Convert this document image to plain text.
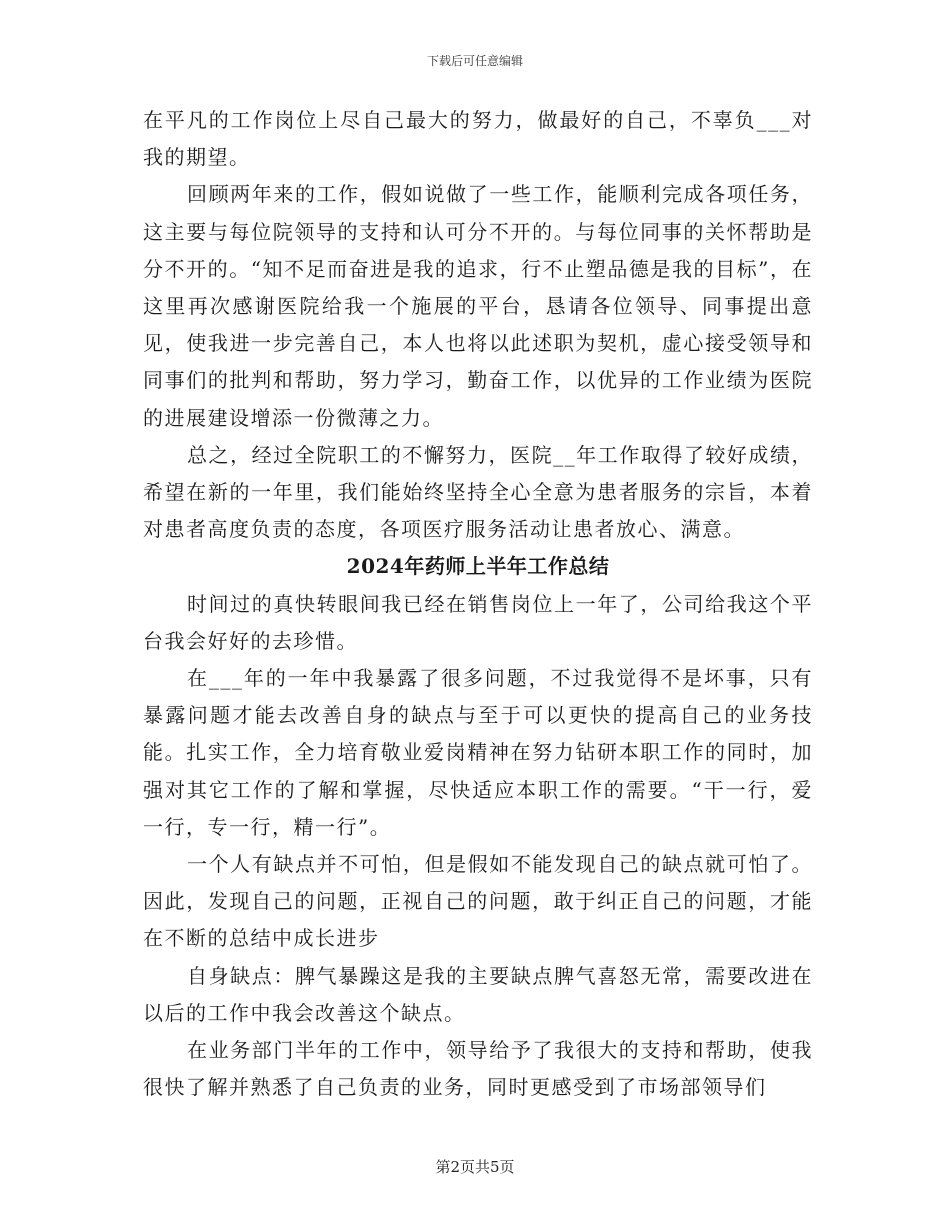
下载后可任意编辑

在平凡的工作岗位上尽自己最大的努力，做最好的自己，不辜负___对我的期望。

回顾两年来的工作，假如说做了一些工作，能顺利完成各项任务，这主要与每位院领导的支持和认可分不开的。与每位同事的关怀帮助是分不开的。“知不足而奋进是我的追求，行不止塑品德是我的目标”，在这里再次感谢医院给我一个施展的平台，恳请各位领导、同事提出意见，使我进一步完善自己，本人也将以此述职为契机，虚心接受领导和同事们的批判和帮助，努力学习，勤奋工作，以优异的工作业绩为医院的进展建设增添一份微薄之力。

总之，经过全院职工的不懈努力，医院__年工作取得了较好成绩，希望在新的一年里，我们能始终坚持全心全意为患者服务的宗旨，本着对患者高度负责的态度，各项医疗服务活动让患者放心、满意。

2024年药师上半年工作总结

时间过的真快转眼间我已经在销售岗位上一年了，公司给我这个平台我会好好的去珍惜。

在___年的一年中我暴露了很多问题，不过我觉得不是坏事，只有暴露问题才能去改善自身的缺点与至于可以更快的提高自己的业务技能。扎实工作，全力培育敬业爱岗精神在努力钻研本职工作的同时，加强对其它工作的了解和掌握，尽快适应本职工作的需要。“干一行，爱一行，专一行，精一行”。

一个人有缺点并不可怕，但是假如不能发现自己的缺点就可怕了。因此，发现自己的问题，正视自己的问题，敢于纠正自己的问题，才能在不断的总结中成长进步

自身缺点：脾气暴躁这是我的主要缺点脾气喜怒无常，需要改进在以后的工作中我会改善这个缺点。

在业务部门半年的工作中，领导给予了我很大的支持和帮助，使我很快了解并熟悉了自己负责的业务，同时更感受到了市场部领导们

第2页共5页
